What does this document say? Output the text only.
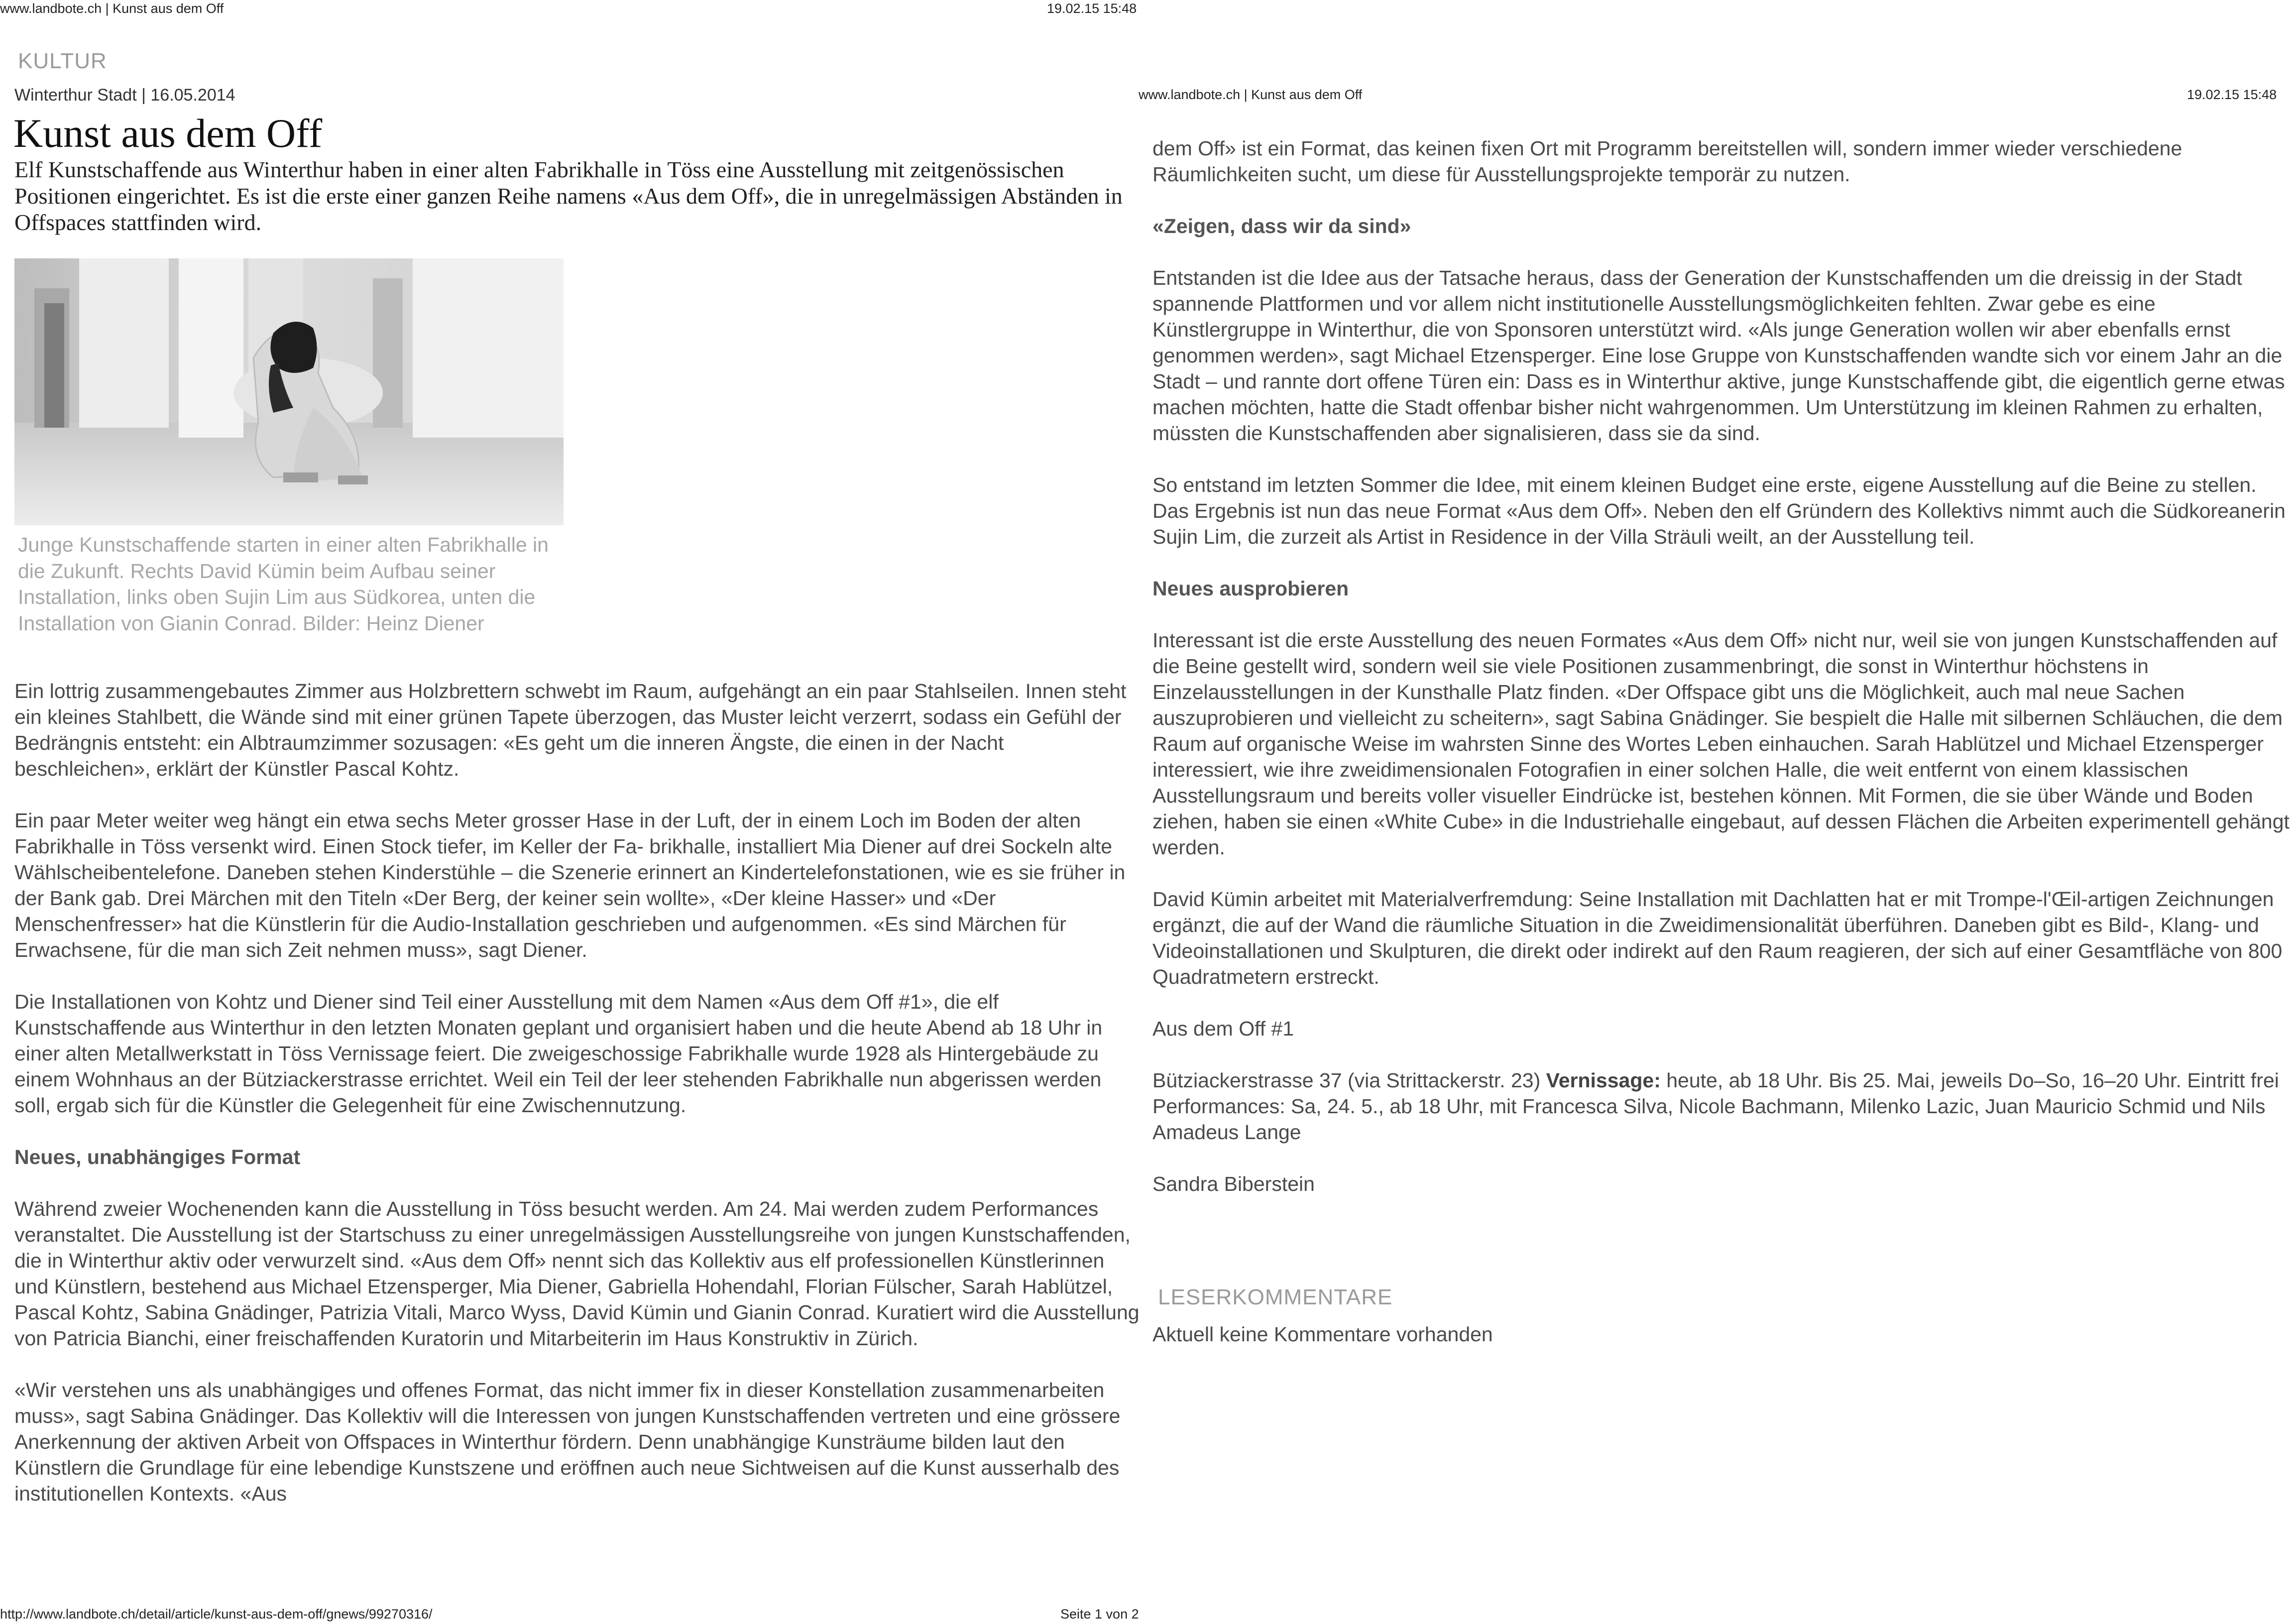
www.landbote.ch | Kunst aus dem Off	19.02.15 15:48
www.landbote.ch | Kunst aus dem Off	19.02.15 15:48
KULTUR
Winterthur Stadt | 16.05.2014
Kunst aus dem Off

Elf Kunstschaffende aus Winterthur haben in einer alten Fabrikhalle in Töss eine Ausstellung mit zeitgenössischen Positionen eingerichtet. Es ist die erste einer ganzen Reihe namens «Aus dem Off», die in unregelmässigen Abständen in Offspaces stattfinden wird.

Junge Kunstschaffende starten in einer alten Fabrikhalle in die Zukunft. Rechts David Kümin beim Aufbau seiner Installation, links oben Sujin Lim aus Südkorea, unten die Installation von Gianin Conrad. Bilder: Heinz Diener

Ein lottrig zusammengebautes Zimmer aus Holzbrettern schwebt im Raum, aufgehängt an ein paar Stahlseilen. Innen steht ein kleines Stahlbett, die Wände sind mit einer grünen Tapete überzogen, das Muster leicht verzerrt, sodass ein Gefühl der Bedrängnis entsteht: ein Albtraumzimmer sozusagen: «Es geht um die inneren Ängste, die einen in der Nacht beschleichen», erklärt der Künstler Pascal Kohtz.

Ein paar Meter weiter weg hängt ein etwa sechs Meter grosser Hase in der Luft, der in einem Loch im Boden der alten Fabrikhalle in Töss versenkt wird. Einen Stock tiefer, im Keller der Fa- brikhalle, installiert Mia Diener auf drei Sockeln alte Wählscheibentelefone. Daneben stehen Kinderstühle – die Szenerie erinnert an Kindertelefonstationen, wie es sie früher in der Bank gab. Drei Märchen mit den Titeln «Der Berg, der keiner sein wollte», «Der kleine Hasser» und «Der Menschenfresser» hat die Künstlerin für die Audio-Installation geschrieben und aufgenommen. «Es sind Märchen für Erwachsene, für die man sich Zeit nehmen muss», sagt Diener.

Die Installationen von Kohtz und Diener sind Teil einer Ausstellung mit dem Namen «Aus dem Off #1», die elf Kunstschaffende aus Winterthur in den letzten Monaten geplant und organisiert haben und die heute Abend ab 18 Uhr in einer alten Metallwerkstatt in Töss Vernissage feiert. Die zweigeschossige Fabrikhalle wurde 1928 als Hintergebäude zu einem Wohnhaus an der Bütziackerstrasse errichtet. Weil ein Teil der leer stehenden Fabrikhalle nun abgerissen werden soll, ergab sich für die Künstler die Gelegenheit für eine Zwischennutzung.

Neues, unabhängiges Format

Während zweier Wochenenden kann die Ausstellung in Töss besucht werden. Am 24. Mai werden zudem Performances veranstaltet. Die Ausstellung ist der Startschuss zu einer unregelmässigen Ausstellungsreihe von jungen Kunstschaffenden, die in Winterthur aktiv oder verwurzelt sind. «Aus dem Off» nennt sich das Kollektiv aus elf professionellen Künstlerinnen und Künstlern, bestehend aus Michael Etzensperger, Mia Diener, Gabriella Hohendahl, Florian Fülscher, Sarah Hablützel, Pascal Kohtz, Sabina Gnädinger, Patrizia Vitali, Marco Wyss, David Kümin und Gianin Conrad. Kuratiert wird die Ausstellung von Patricia Bianchi, einer freischaffenden Kuratorin und Mitarbeiterin im Haus Konstruktiv in Zürich.

«Wir verstehen uns als unabhängiges und offenes Format, das nicht immer fix in dieser Konstellation zusammenarbeiten muss», sagt Sabina Gnädinger. Das Kollektiv will die Interessen von jungen Kunstschaffenden vertreten und eine grössere Anerkennung der aktiven Arbeit von Offspaces in Winterthur fördern. Denn unabhängige Kunsträume bilden laut den Künstlern die Grundlage für eine lebendige Kunstszene und eröffnen auch neue Sichtweisen auf die Kunst ausserhalb des institutionellen Kontexts. «Aus

dem Off» ist ein Format, das keinen fixen Ort mit Programm bereitstellen will, sondern immer wieder verschiedene Räumlichkeiten sucht, um diese für Ausstellungsprojekte temporär zu nutzen.

«Zeigen, dass wir da sind»

Entstanden ist die Idee aus der Tatsache heraus, dass der Generation der Kunstschaffenden um die dreissig in der Stadt spannende Plattformen und vor allem nicht institutionelle Ausstellungsmöglichkeiten fehlten. Zwar gebe es eine Künstlergruppe in Winterthur, die von Sponsoren unterstützt wird. «Als junge Generation wollen wir aber ebenfalls ernst genommen werden», sagt Michael Etzensperger. Eine lose Gruppe von Kunstschaffenden wandte sich vor einem Jahr an die Stadt – und rannte dort offene Türen ein: Dass es in Winterthur aktive, junge Kunstschaffende gibt, die eigentlich gerne etwas machen möchten, hatte die Stadt offenbar bisher nicht wahrgenommen. Um Unterstützung im kleinen Rahmen zu erhalten, müssten die Kunstschaffenden aber signalisieren, dass sie da sind.

So entstand im letzten Sommer die Idee, mit einem kleinen Budget eine erste, eigene Ausstellung auf die Beine zu stellen. Das Ergebnis ist nun das neue Format «Aus dem Off». Neben den elf Gründern des Kollektivs nimmt auch die Südkoreanerin Sujin Lim, die zurzeit als Artist in Residence in der Villa Sträuli weilt, an der Ausstellung teil.

Neues ausprobieren

Interessant ist die erste Ausstellung des neuen Formates «Aus dem Off» nicht nur, weil sie von jungen Kunstschaffenden auf die Beine gestellt wird, sondern weil sie viele Positionen zusammenbringt, die sonst in Winterthur höchstens in Einzelausstellungen in der Kunsthalle Platz finden. «Der Offspace gibt uns die Möglichkeit, auch mal neue Sachen auszuprobieren und vielleicht zu scheitern», sagt Sabina Gnädinger. Sie bespielt die Halle mit silbernen Schläuchen, die dem Raum auf organische Weise im wahrsten Sinne des Wortes Leben einhauchen. Sarah Hablützel und Michael Etzensperger interessiert, wie ihre zweidimensionalen Fotografien in einer solchen Halle, die weit entfernt von einem klassischen Ausstellungsraum und bereits voller visueller Eindrücke ist, bestehen können. Mit Formen, die sie über Wände und Boden ziehen, haben sie einen «White Cube» in die Industriehalle eingebaut, auf dessen Flächen die Arbeiten experimentell gehängt werden.

David Kümin arbeitet mit Materialverfremdung: Seine Installation mit Dachlatten hat er mit Trompe-l'Œil-artigen Zeichnungen ergänzt, die auf der Wand die räumliche Situation in die Zweidimensionalität überführen. Daneben gibt es Bild-, Klang- und Videoinstallationen und Skulpturen, die direkt oder indirekt auf den Raum reagieren, der sich auf einer Gesamtfläche von 800 Quadratmetern erstreckt.

Aus dem Off #1

Bütziackerstrasse 37 (via Strittackerstr. 23) Vernissage: heute, ab 18 Uhr. Bis 25. Mai, jeweils Do–So, 16–20 Uhr. Eintritt frei Performances: Sa, 24. 5., ab 18 Uhr, mit Francesca Silva, Nicole Bachmann, Milenko Lazic, Juan Mauricio Schmid und Nils Amadeus Lange

Sandra Biberstein

LESERKOMMENTARE
Aktuell keine Kommentare vorhanden
http://www.landbote.ch/detail/article/kunst-aus-dem-off/gnews/99270316/	Seite 1 von 2
